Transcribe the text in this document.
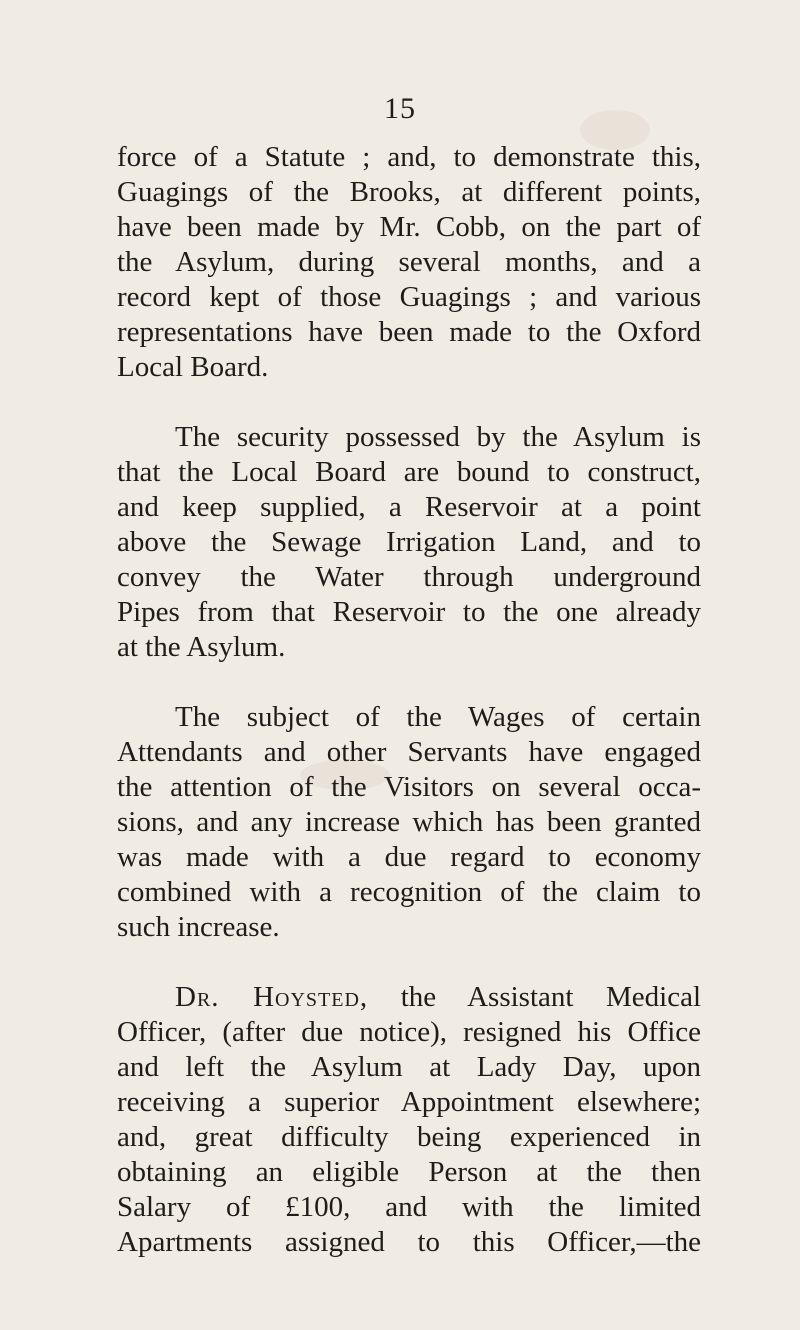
15
force of a Statute ; and, to demonstrate this,
Guagings of the Brooks, at different points,
have been made by Mr. Cobb, on the part of
the Asylum, during several months, and a
record kept of those Guagings ; and various
representations have been made to the Oxford
Local Board.
The security possessed by the Asylum is
that the Local Board are bound to construct,
and keep supplied, a Reservoir at a point
above the Sewage Irrigation Land, and to
convey the Water through underground
Pipes from that Reservoir to the one already
at the Asylum.
The subject of the Wages of certain
Attendants and other Servants have engaged
the attention of the Visitors on several occa-
sions, and any increase which has been granted
was made with a due regard to economy
combined with a recognition of the claim to
such increase.
Dr. Hoysted, the Assistant Medical
Officer, (after due notice), resigned his Office
and left the Asylum at Lady Day, upon
receiving a superior Appointment elsewhere;
and, great difficulty being experienced in
obtaining an eligible Person at the then
Salary of £100, and with the limited
Apartments assigned to this Officer,—the
